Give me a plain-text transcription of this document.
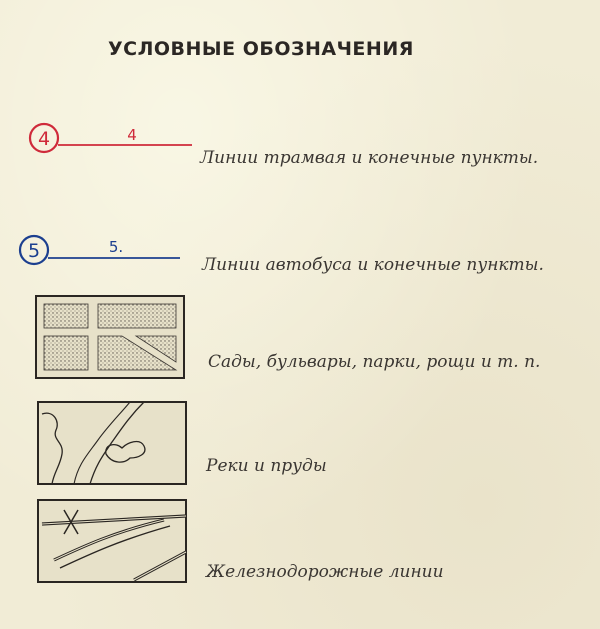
УСЛОВНЫЕ ОБОЗНАЧЕНИЯ
4	4
Линии трамвая и конечные пункты.
5	5.
Линии автобуса и конечные пункты.
Сады, бульвары, парки, рощи и т. п.
Реки и пруды
Железнодорожные линии
